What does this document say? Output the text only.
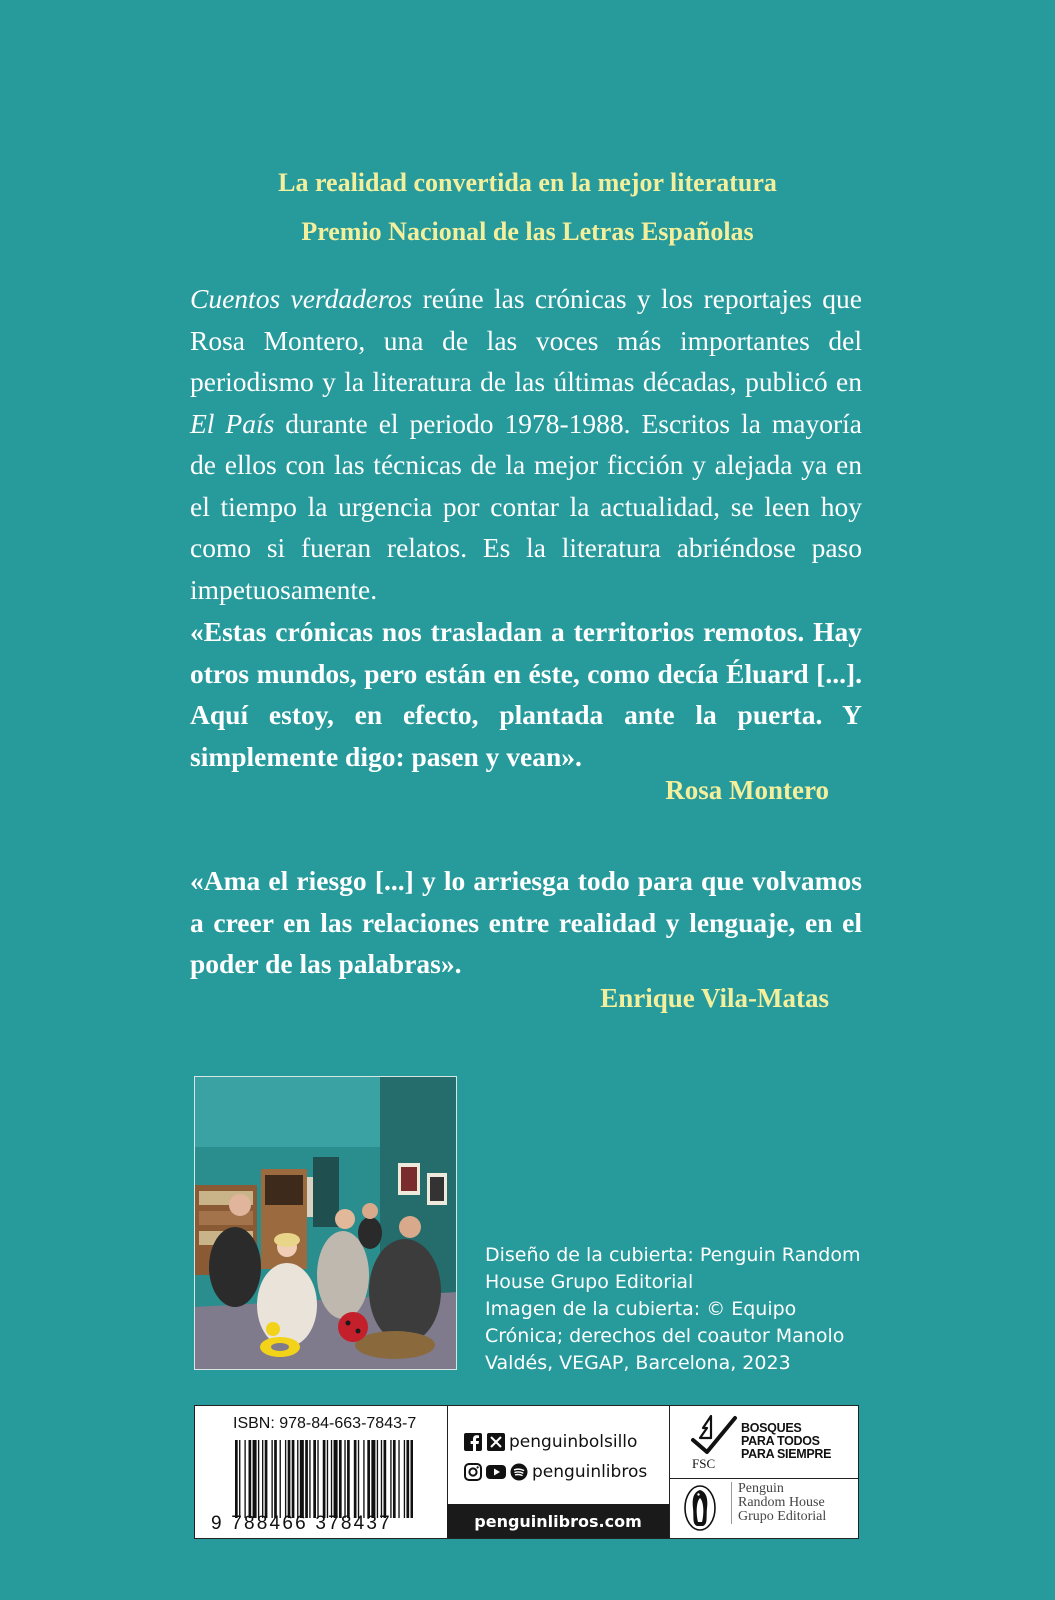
La realidad convertida en la mejor literatura
Premio Nacional de las Letras Españolas

Cuentos verdaderos reúne las crónicas y los reportajes que Rosa Montero, una de las voces más importantes del periodismo y la literatura de las últimas décadas, publicó en El País durante el periodo 1978-1988. Escritos la mayoría de ellos con las técnicas de la mejor ficción y alejada ya en el tiempo la urgencia por contar la actualidad, se leen hoy como si fueran relatos. Es la literatura abriéndose paso impetuosamente.

«Estas crónicas nos trasladan a territorios remotos. Hay otros mundos, pero están en éste, como decía Éluard [...]. Aquí estoy, en efecto, plantada ante la puerta. Y simplemente digo: pasen y vean».

Rosa Montero

«Ama el riesgo [...] y lo arriesga todo para que volvamos a creer en las relaciones entre realidad y lenguaje, en el poder de las palabras».

Enrique Vila-Matas
Diseño de la cubierta: Penguin Random House Grupo Editorial
Imagen de la cubierta: © Equipo Crónica; derechos del coautor Manolo Valdés, VEGAP, Barcelona, 2023
ISBN: 978-84-663-7843-7
9 788466 378437
penguinbolsillo
penguinlibros
penguinlibros.com
FSC
BOSQUES
PARA TODOS
PARA SIEMPRE
Penguin
Random House
Grupo Editorial
